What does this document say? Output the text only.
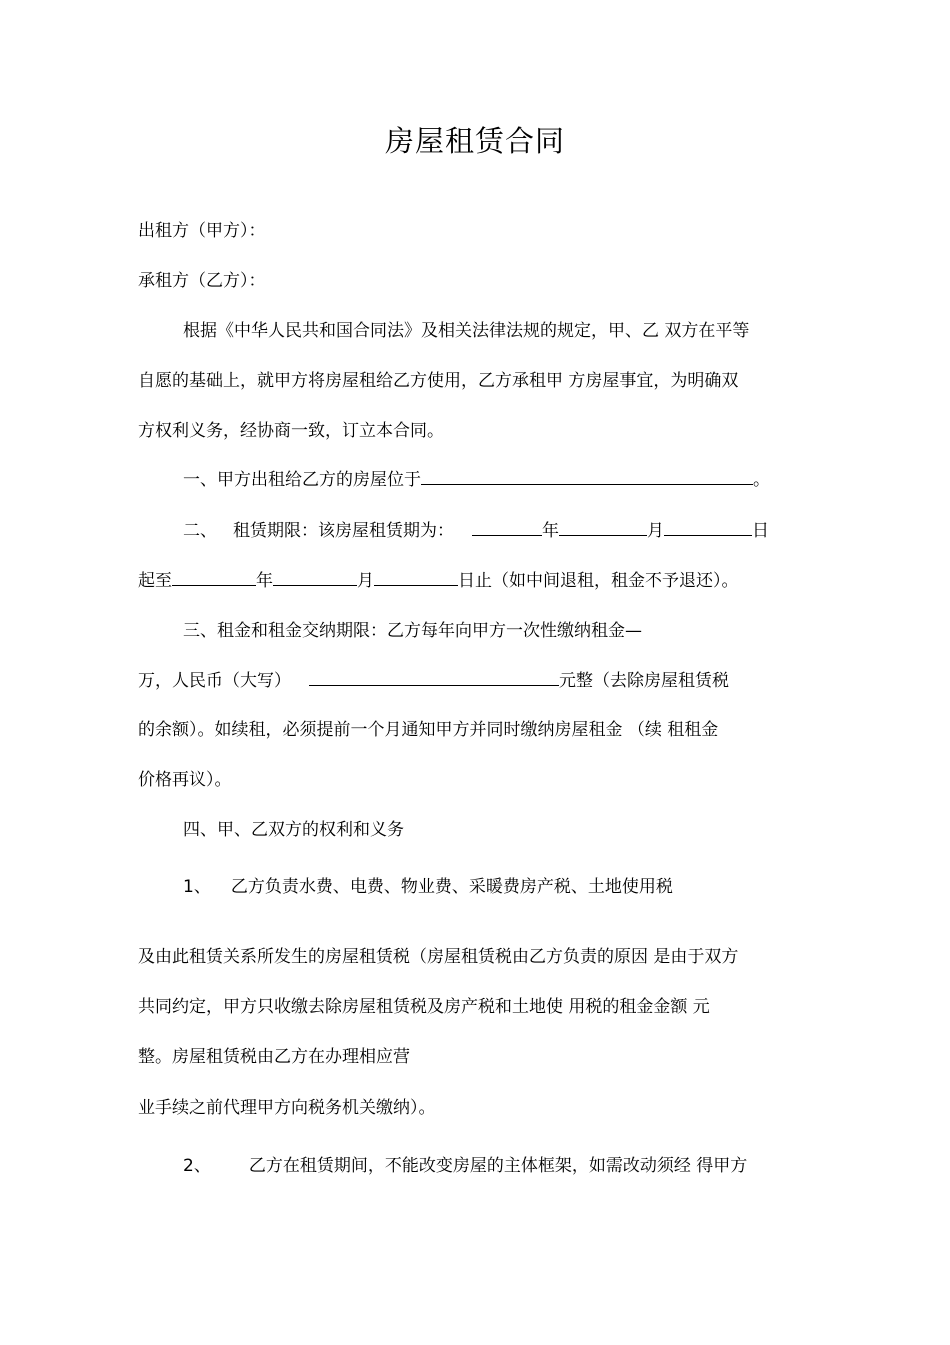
房屋租赁合同
出租方（甲方）：
承租方（乙方）：
根据《中华人民共和国合同法》及相关法律法规的规定，甲、乙 双方在平等
自愿的基础上，就甲方将房屋租给乙方使用，乙方承租甲 方房屋事宜，为明确双
方权利义务，经协商一致，订立本合同。
一、甲方出租给乙方的房屋位于	。
二、 租赁期限：该房屋租赁期为：	年	月	日
起至	年	月	日止（如中间退租，租金不予退还）。
三、租金和租金交纳期限：乙方每年向甲方一次性缴纳租金—
万，人民币（大写）	元整（去除房屋租赁税
的余额）。如续租，必须提前一个月通知甲方并同时缴纳房屋租金 （续 租租金
价格再议）。
四、甲、乙双方的权利和义务
1、 乙方负责水费、电费、物业费、采暖费房产税、土地使用税
及由此租赁关系所发生的房屋租赁税（房屋租赁税由乙方负责的原因 是由于双方
共同约定，甲方只收缴去除房屋租赁税及房产税和土地使 用税的租金金额 元
整。房屋租赁税由乙方在办理相应营
业手续之前代理甲方向税务机关缴纳）。
2、 乙方在租赁期间，不能改变房屋的主体框架，如需改动须经 得甲方
